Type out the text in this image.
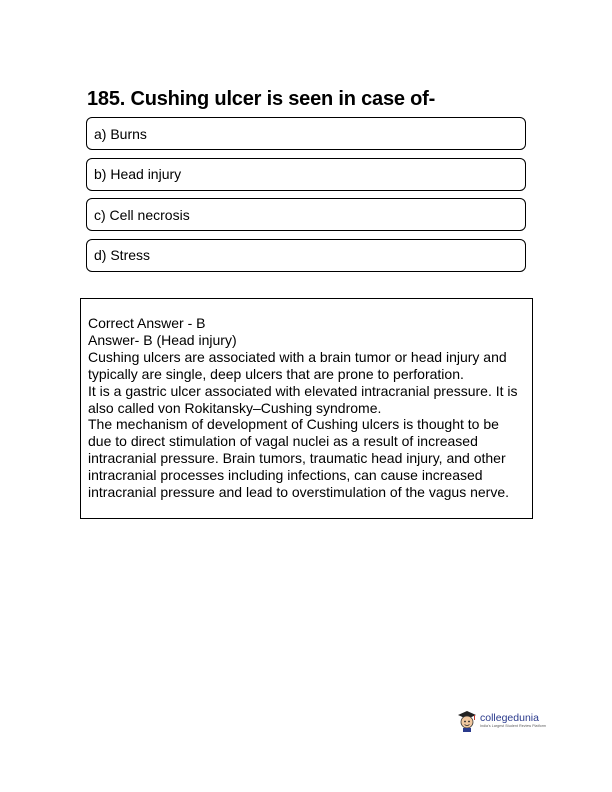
185. Cushing ulcer is seen in case of-
a) Burns
b) Head injury
c) Cell necrosis
d) Stress

Correct Answer - B

Answer- B (Head injury)

Cushing ulcers are associated with a brain tumor or head injury and typically are single, deep ulcers that are prone to perforation.

It is a gastric ulcer associated with elevated intracranial pressure. It is also called von Rokitansky–Cushing syndrome.

The mechanism of development of Cushing ulcers is thought to be due to direct stimulation of vagal nuclei as a result of increased intracranial pressure. Brain tumors, traumatic head injury, and other intracranial processes including infections, can cause increased intracranial pressure and lead to overstimulation of the vagus nerve.

collegedunia
India's Largest Student Review Platform
